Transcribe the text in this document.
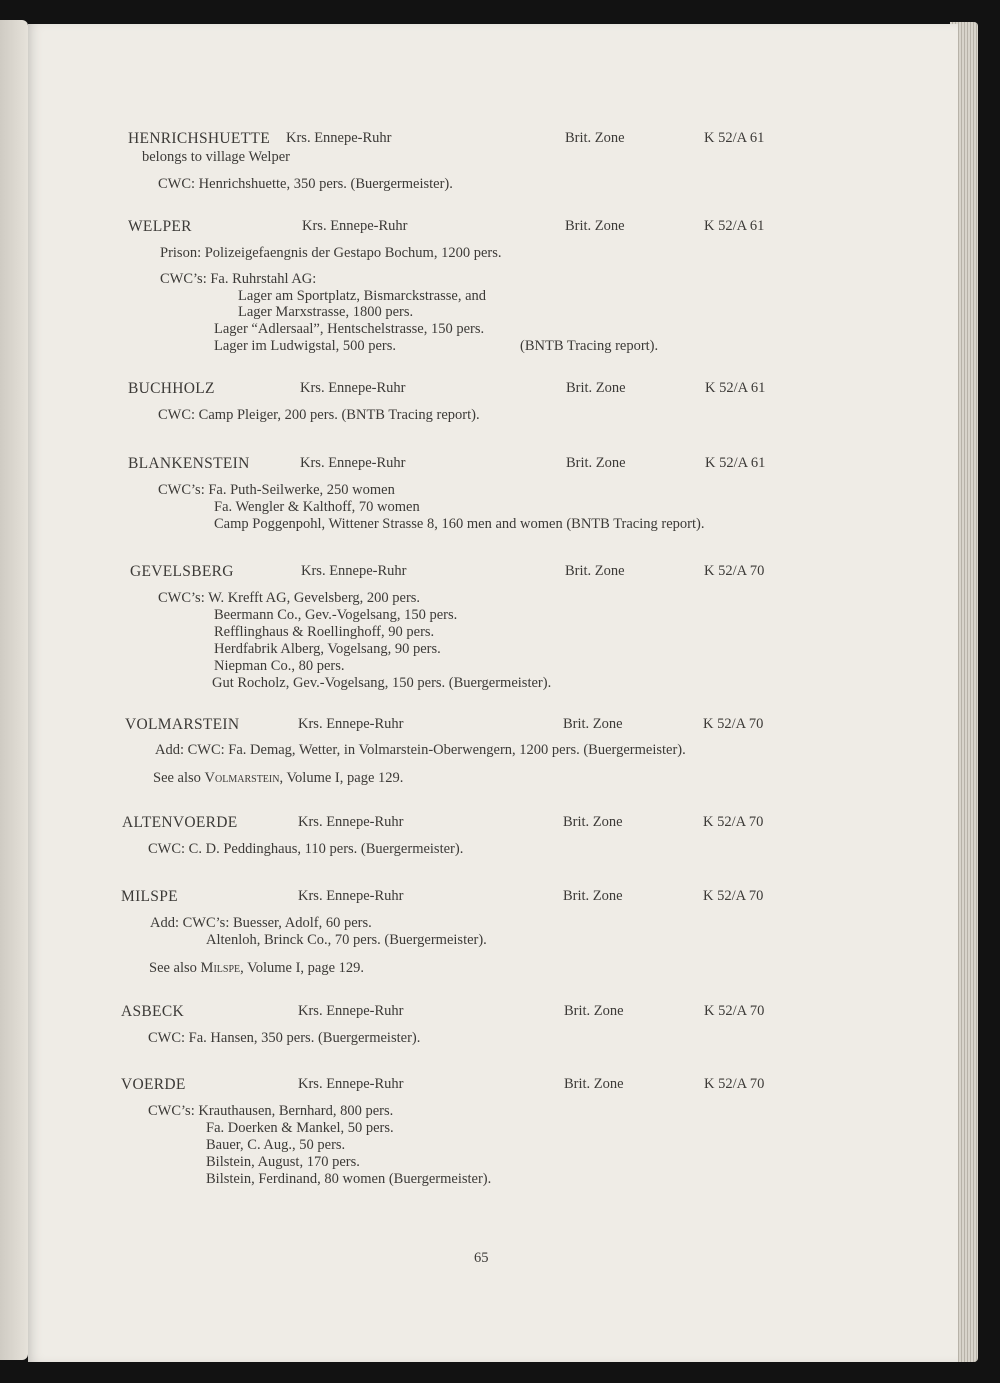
HENRICHSHUETTE Krs. Ennepe-Ruhr	Brit. Zone	K 52/A 61
belongs to village Welper
CWC: Henrichshuette, 350 pers. (Buergermeister).
WELPER	Krs. Ennepe-Ruhr	Brit. Zone	K 52/A 61
Prison: Polizeigefaengnis der Gestapo Bochum, 1200 pers.
CWC’s: Fa. Ruhrstahl AG:
Lager am Sportplatz, Bismarckstrasse, and
Lager Marxstrasse, 1800 pers.
Lager “Adlersaal”, Hentschelstrasse, 150 pers.
Lager im Ludwigstal, 500 pers.	(BNTB Tracing report).
BUCHHOLZ	Krs. Ennepe-Ruhr	Brit. Zone	K 52/A 61
CWC: Camp Pleiger, 200 pers. (BNTB Tracing report).
BLANKENSTEIN	Krs. Ennepe-Ruhr	Brit. Zone	K 52/A 61
CWC’s: Fa. Puth-Seilwerke, 250 women
Fa. Wengler & Kalthoff, 70 women
Camp Poggenpohl, Wittener Strasse 8, 160 men and women (BNTB Tracing report).
GEVELSBERG	Krs. Ennepe-Ruhr	Brit. Zone	K 52/A 70
CWC’s: W. Krefft AG, Gevelsberg, 200 pers.
Beermann Co., Gev.-Vogelsang, 150 pers.
Refflinghaus & Roellinghoff, 90 pers.
Herdfabrik Alberg, Vogelsang, 90 pers.
Niepman Co., 80 pers.
Gut Rocholz, Gev.-Vogelsang, 150 pers. (Buergermeister).
VOLMARSTEIN	Krs. Ennepe-Ruhr	Brit. Zone	K 52/A 70
Add: CWC: Fa. Demag, Wetter, in Volmarstein-Oberwengern, 1200 pers. (Buergermeister).
See also Volmarstein, Volume I, page 129.
ALTENVOERDE	Krs. Ennepe-Ruhr	Brit. Zone	K 52/A 70
CWC: C. D. Peddinghaus, 110 pers. (Buergermeister).
MILSPE	Krs. Ennepe-Ruhr	Brit. Zone	K 52/A 70
Add: CWC’s: Buesser, Adolf, 60 pers.
Altenloh, Brinck Co., 70 pers. (Buergermeister).
See also Milspe, Volume I, page 129.
ASBECK	Krs. Ennepe-Ruhr	Brit. Zone	K 52/A 70
CWC: Fa. Hansen, 350 pers. (Buergermeister).
VOERDE	Krs. Ennepe-Ruhr	Brit. Zone	K 52/A 70
CWC’s: Krauthausen, Bernhard, 800 pers.
Fa. Doerken & Mankel, 50 pers.
Bauer, C. Aug., 50 pers.
Bilstein, August, 170 pers.
Bilstein, Ferdinand, 80 women (Buergermeister).
65
